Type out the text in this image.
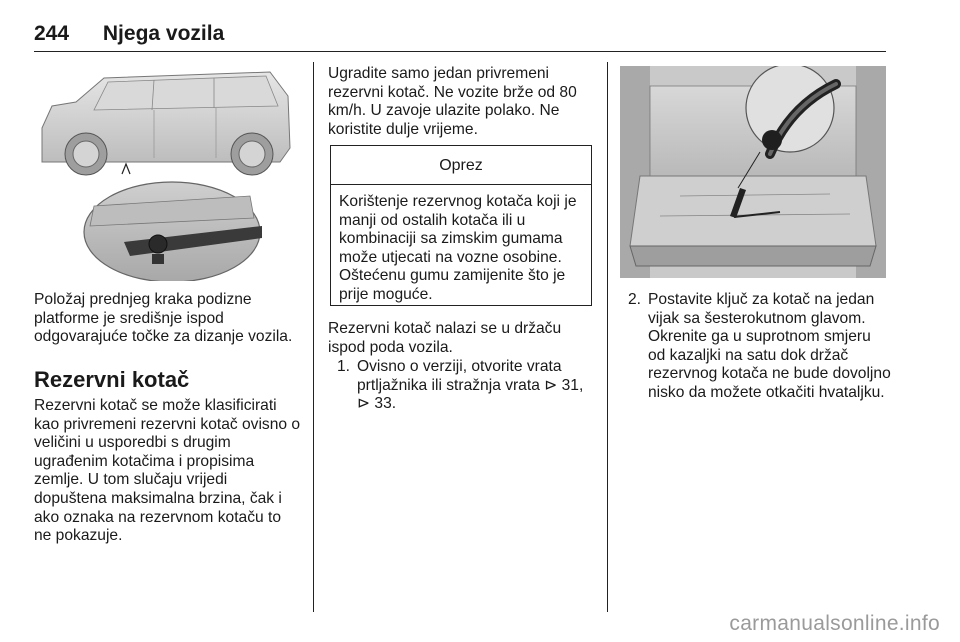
244 Njega vozila
Položaj prednjeg kraka podizne platforme je središnje ispod odgovarajuće točke za dizanje vozila.
Rezervni kotač
Rezervni kotač se može klasificirati kao privremeni rezervni kotač ovisno o veličini u usporedbi s drugim ugrađenim kotačima i propisima zemlje. U tom slučaju vrijedi dopuštena maksimalna brzina, čak i ako oznaka na rezervnom kotaču to ne pokazuje.
Ugradite samo jedan privremeni rezervni kotač. Ne vozite brže od 80 km/h. U zavoje ulazite polako. Ne koristite dulje vrijeme.
Oprez
Korištenje rezervnog kotača koji je manji od ostalih kotača ili u kombinaciji sa zimskim gumama može utjecati na vozne osobine. Oštećenu gumu zamijenite što je prije moguće.
Rezervni kotač nalazi se u držaču ispod poda vozila.
1. Ovisno o verziji, otvorite vrata prtljažnika ili stražnja vrata ⊳ 31,
⊳ 33.
2. Postavite ključ za kotač na jedan vijak sa šesterokutnom glavom. Okrenite ga u suprotnom smjeru od kazaljki na satu dok držač rezervnog kotača ne bude dovoljno nisko da možete otkačiti hvataljku.
carmanualsonline.info
